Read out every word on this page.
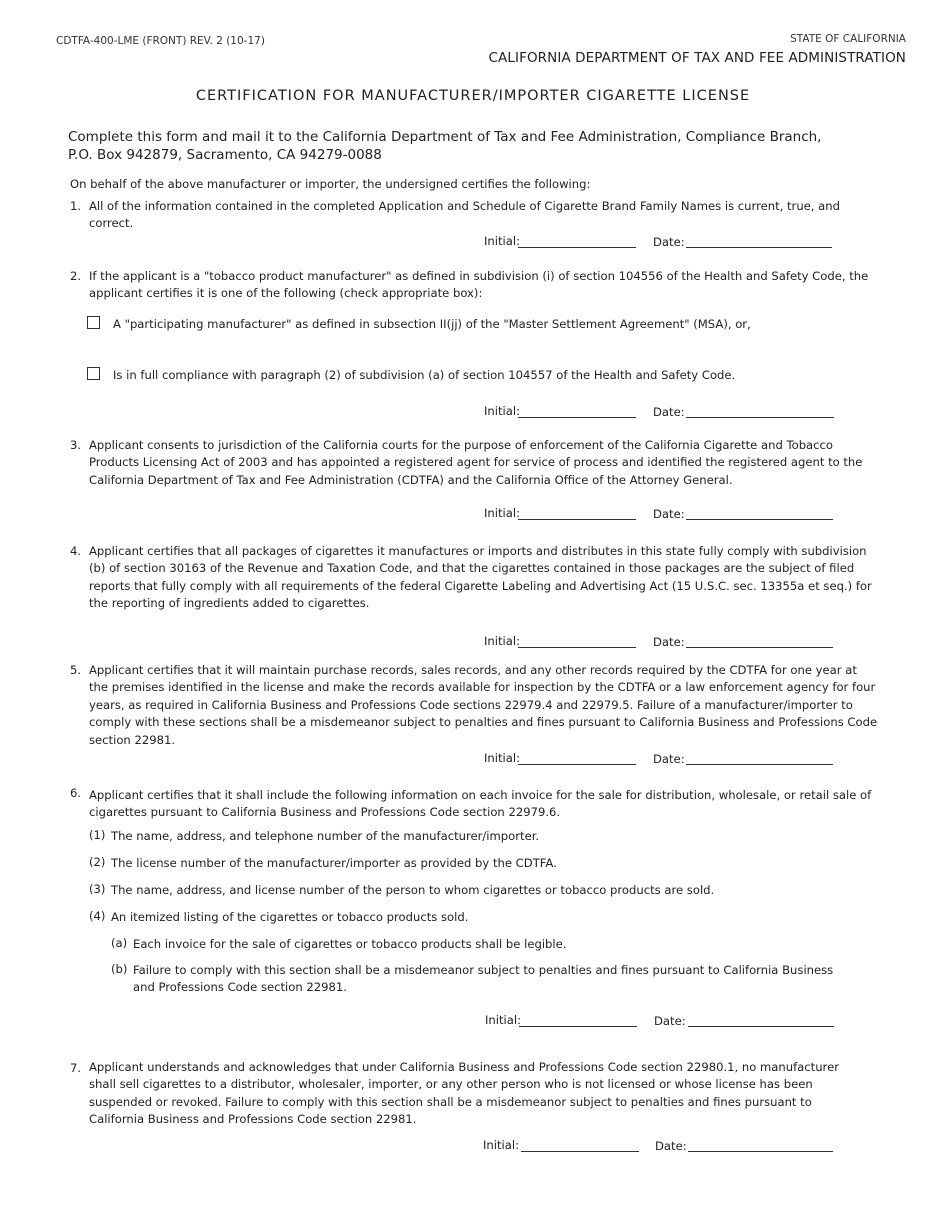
CDTFA-400-LME (FRONT) REV. 2 (10-17)	STATE OF CALIFORNIA
CALIFORNIA DEPARTMENT OF TAX AND FEE ADMINISTRATION
CERTIFICATION FOR MANUFACTURER/IMPORTER CIGARETTE LICENSE
Complete this form and mail it to the California Department of Tax and Fee Administration, Compliance Branch,
P.O. Box 942879, Sacramento, CA 94279-0088
On behalf of the above manufacturer or importer, the undersigned certifies the following:
1. All of the information contained in the completed Application and Schedule of Cigarette Brand Family Names is current, true, and correct.
Initial:	Date:
2. If the applicant is a "tobacco product manufacturer" as defined in subdivision (i) of section 104556 of the Health and Safety Code, the applicant certifies it is one of the following (check appropriate box):
A "participating manufacturer" as defined in subsection II(jj) of the "Master Settlement Agreement" (MSA), or,
Is in full compliance with paragraph (2) of subdivision (a) of section 104557 of the Health and Safety Code.
Initial:	Date:
3. Applicant consents to jurisdiction of the California courts for the purpose of enforcement of the California Cigarette and Tobacco Products Licensing Act of 2003 and has appointed a registered agent for service of process and identified the registered agent to the California Department of Tax and Fee Administration (CDTFA) and the California Office of the Attorney General.
Initial:	Date:
4. Applicant certifies that all packages of cigarettes it manufactures or imports and distributes in this state fully comply with subdivision (b) of section 30163 of the Revenue and Taxation Code, and that the cigarettes contained in those packages are the subject of filed reports that fully comply with all requirements of the federal Cigarette Labeling and Advertising Act (15 U.S.C. sec. 13355a et seq.) for the reporting of ingredients added to cigarettes.
Initial:	Date:
5. Applicant certifies that it will maintain purchase records, sales records, and any other records required by the CDTFA for one year at the premises identified in the license and make the records available for inspection by the CDTFA or a law enforcement agency for four years, as required in California Business and Professions Code sections 22979.4 and 22979.5. Failure of a manufacturer/importer to comply with these sections shall be a misdemeanor subject to penalties and fines pursuant to California Business and Professions Code section 22981.
Initial:	Date:
6. Applicant certifies that it shall include the following information on each invoice for the sale for distribution, wholesale, or retail sale of cigarettes pursuant to California Business and Professions Code section 22979.6.
(1) The name, address, and telephone number of the manufacturer/importer.
(2) The license number of the manufacturer/importer as provided by the CDTFA.
(3) The name, address, and license number of the person to whom cigarettes or tobacco products are sold.
(4) An itemized listing of the cigarettes or tobacco products sold.
(a) Each invoice for the sale of cigarettes or tobacco products shall be legible.
(b) Failure to comply with this section shall be a misdemeanor subject to penalties and fines pursuant to California Business and Professions Code section 22981.
Initial:	Date:
7. Applicant understands and acknowledges that under California Business and Professions Code section 22980.1, no manufacturer shall sell cigarettes to a distributor, wholesaler, importer, or any other person who is not licensed or whose license has been suspended or revoked. Failure to comply with this section shall be a misdemeanor subject to penalties and fines pursuant to California Business and Professions Code section 22981.
Initial:	Date:
